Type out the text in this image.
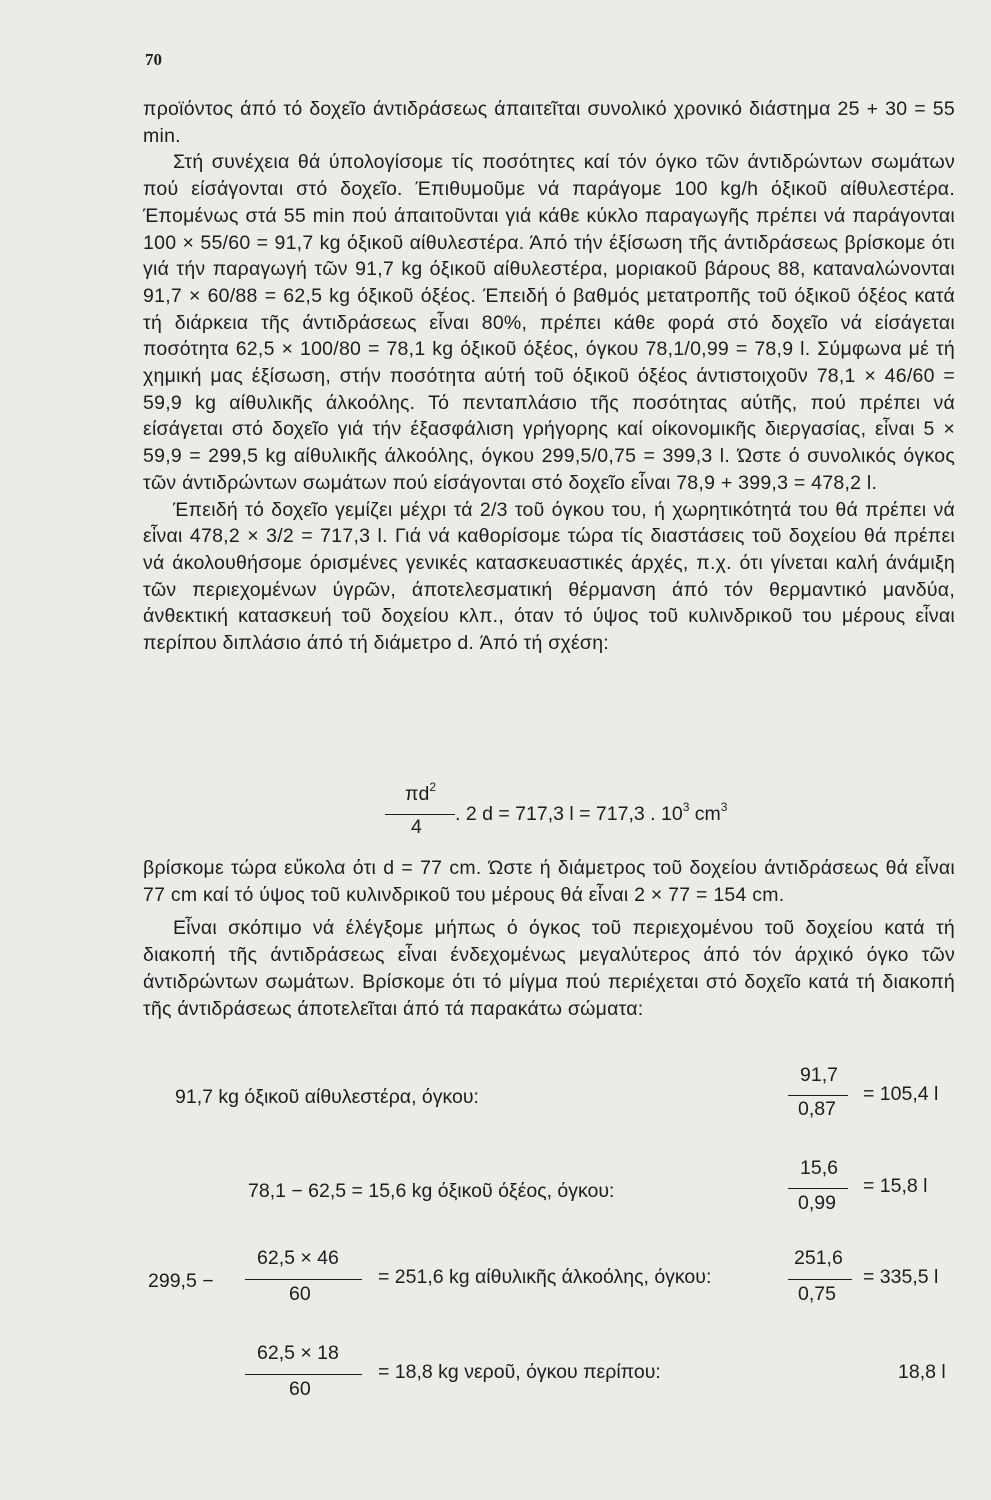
70

προϊόντος άπό τό δοχεῖο άντιδράσεως άπαιτεῖται συνολικό χρονικό διάστημα 25 + 30 = 55 min.

Στή συνέχεια θά ύπολογίσομε τίς ποσότητες καί τόν όγκο τῶν άντιδρώντων σωμάτων πού είσάγονται στό δοχεῖο. Έπιθυμοῦμε νά παράγομε 100 kg/h όξικοῦ αίθυλεστέρα. Έπομένως στά 55 min πού άπαιτοῦνται γιά κάθε κύκλο παραγωγῆς πρέπει νά παράγονται 100 × 55/60 = 91,7 kg όξικοῦ αίθυλεστέρα. Άπό τήν έξίσωση τῆς άντιδράσεως βρίσκομε ότι γιά τήν παραγωγή τῶν 91,7 kg όξικοῦ αίθυλεστέρα, μοριακοῦ βάρους 88, καταναλώνονται 91,7 × 60/88 = 62,5 kg όξικοῦ όξέος. Έπειδή ό βαθμός μετατροπῆς τοῦ όξικοῦ όξέος κατά τή διάρκεια τῆς άντιδράσεως εἶναι 80%, πρέπει κάθε φορά στό δοχεῖο νά είσάγεται ποσότητα 62,5 × 100/80 = 78,1 kg όξικοῦ όξέος, όγκου 78,1/0,99 = 78,9 l. Σύμφωνα μέ τή χημική μας έξίσωση, στήν ποσότητα αύτή τοῦ όξικοῦ όξέος άντιστοιχοῦν 78,1 × 46/60 = 59,9 kg αίθυλικῆς άλκοόλης. Τό πενταπλάσιο τῆς ποσότητας αύτῆς, πού πρέπει νά είσάγεται στό δοχεῖο γιά τήν έξασφάλιση γρήγορης καί οίκονομικῆς διεργασίας, εἶναι 5 × 59,9 = 299,5 kg αίθυλικῆς άλκοόλης, όγκου 299,5/0,75 = 399,3 l. Ώστε ό συνολικός όγκος τῶν άντιδρώντων σωμάτων πού είσάγονται στό δοχεῖο εἶναι 78,9 + 399,3 = 478,2 l.

Έπειδή τό δοχεῖο γεμίζει μέχρι τά 2/3 τοῦ όγκου του, ή χωρητικότητά του θά πρέπει νά εἶναι 478,2 × 3/2 = 717,3 l. Γιά νά καθορίσομε τώρα τίς διαστάσεις τοῦ δοχείου θά πρέπει νά άκολουθήσομε όρισμένες γενικές κατασκευαστικές άρχές, π.χ. ότι γίνεται καλή άνάμιξη τῶν περιεχομένων ύγρῶν, άποτελεσματική θέρμανση άπό τόν θερμαντικό μανδύα, άνθεκτική κατασκευή τοῦ δοχείου κλπ., όταν τό ύψος τοῦ κυλινδρικοῦ του μέρους εἶναι περίπου διπλάσιο άπό τή διάμετρο d. Άπό τή σχέση:

$\pi d^2$
4
. 2 d = 717,3 l = 717,3 . $10^3$ $cm^3$

βρίσκομε τώρα εὔκολα ότι d = 77 cm. Ώστε ή διάμετρος τοῦ δοχείου άντιδράσεως θά εἶναι 77 cm καί τό ύψος τοῦ κυλινδρικοῦ του μέρους θά εἶναι 2 × 77 = 154 cm.

Εἶναι σκόπιμο νά έλέγξομε μήπως ό όγκος τοῦ περιεχομένου τοῦ δοχείου κατά τή διακοπή τῆς άντιδράσεως εἶναι ένδεχομένως μεγαλύτερος άπό τόν άρχικό όγκο τῶν άντιδρώντων σωμάτων. Βρίσκομε ότι τό μίγμα πού περιέχεται στό δοχεῖο κατά τή διακοπή τῆς άντιδράσεως άποτελεῖται άπό τά παρακάτω σώματα:

91,7 kg όξικοῦ αίθυλεστέρα, όγκου:
91,7
0,87
= 105,4 l
78,1 − 62,5 = 15,6 kg όξικοῦ όξέος, όγκου:
15,6
0,99
= 15,8 l
299,5 −
62,5 × 46
60
= 251,6 kg αίθυλικῆς άλκοόλης, όγκου:
251,6
0,75
= 335,5 l
62,5 × 18
60
= 18,8 kg νεροῦ, όγκου περίπου:	18,8 l
